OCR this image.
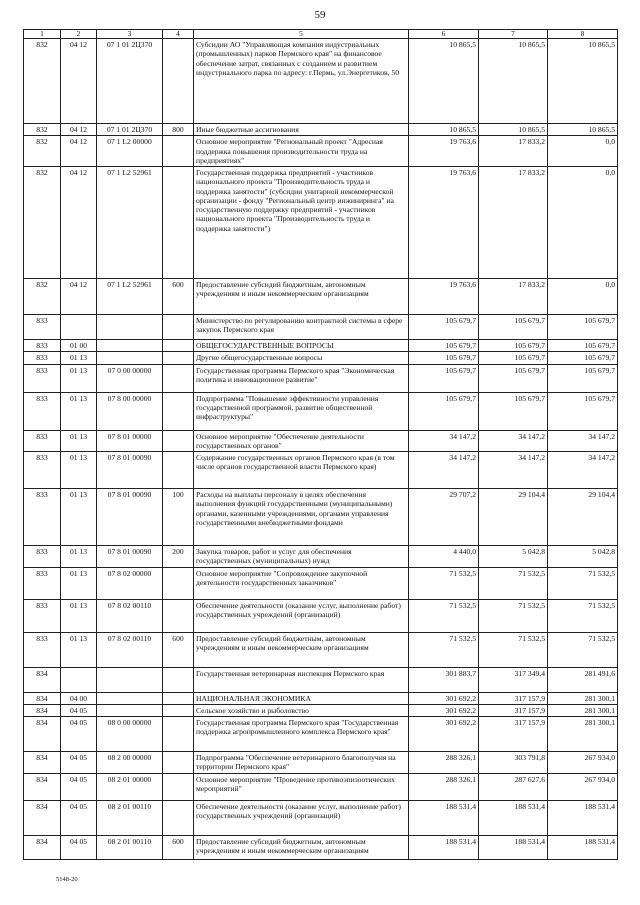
59
1	2	3	4	5	6	7	8
832	04 12	07 1 01 2Ц370		Субсидии АО "Управляющая компания индустриальных (промышленных) парков Пермского края" на финансовое обеспечение затрат, связанных с созданием и развитием индустриального парка по адресу: г.Пермь, ул.Энергетиков, 50	10 865,5	10 865,5	10 865,5
832	04 12	07 1 01 2Ц370	800	Иные бюджетные ассигнования	10 865,5	10 865,5	10 865,5
832	04 12	07 1 L2 00000		Основное мероприятие "Региональный проект "Адресная поддержка повышения производительности труда на предприятиях"	19 763,6	17 833,2	0,0
832	04 12	07 1 L2 52961		Государственная поддержка предприятий - участников национального проекта "Производительность труда и поддержка занятости" (субсидии унитарной некоммерческой организации - фонду "Региональный центр инжиниринга" на государственную поддержку предприятий - участников национального проекта "Производительность труда и поддержка занятости")	19 763,6	17 833,2	0,0
832	04 12	07 1 L2 52961	600	Предоставление субсидий бюджетным, автономным учреждениям и иным некоммерческим организациям	19 763,6	17 833,2	0,0
833				Министерство по регулированию контрактной системы в сфере закупок Пермского края	105 679,7	105 679,7	105 679,7
833	01 00			ОБЩЕГОСУДАРСТВЕННЫЕ ВОПРОСЫ	105 679,7	105 679,7	105 679,7
833	01 13			Другие общегосударственные вопросы	105 679,7	105 679,7	105 679,7
833	01 13	07 0 00 00000		Государственная программа Пермского края "Экономическая политика и инновационное развитие"	105 679,7	105 679,7	105 679,7
833	01 13	07 8 00 00000		Подпрограмма "Повышение эффективности управления государственной программой, развитие общественной инфраструктуры"	105 679,7	105 679,7	105 679,7
833	01 13	07 8 01 00000		Основное мероприятие "Обеспечение деятельности государственных органов"	34 147,2	34 147,2	34 147,2
833	01 13	07 8 01 00090		Содержание государственных органов Пермского края (в том числе органов государственной власти Пермского края)	34 147,2	34 147,2	34 147,2
833	01 13	07 8 01 00090	100	Расходы на выплаты персоналу в целях обеспечения выполнения функций государственными (муниципальными) органами, казенными учреждениями, органами управления государственными внебюджетными фондами	29 707,2	29 104,4	29 104,4
833	01 13	07 8 01 00090	200	Закупка товаров, работ и услуг для обеспечения государственных (муниципальных) нужд	4 440,0	5 042,8	5 042,8
833	01 13	07 8 02 00000		Основное мероприятие "Сопровождение закупочной деятельности государственных заказчиков"	71 532,5	71 532,5	71 532,5
833	01 13	07 8 02 00110		Обеспечение деятельности (оказание услуг, выполнение работ) государственных учреждений (организаций)	71 532,5	71 532,5	71 532,5
833	01 13	07 8 02 00110	600	Предоставление субсидий бюджетным, автономным учреждениям и иным некоммерческим организациям	71 532,5	71 532,5	71 532,5
834				Государственная ветеринарная инспекция Пермского края	301 883,7	317 349,4	281 491,6
834	04 00			НАЦИОНАЛЬНАЯ ЭКОНОМИКА	301 692,2	317 157,9	281 300,1
834	04 05			Сельское хозяйство и рыболовство	301 692,2	317 157,9	281 300,1
834	04 05	08 0 00 00000		Государственная программа Пермского края "Государственная поддержка агропромышленного комплекса Пермского края"	301 692,2	317 157,9	281 300,1
834	04 05	08 2 00 00000		Подпрограмма "Обеспечение ветеринарного благополучия на территории Пермского края"	288 326,1	303 791,8	267 934,0
834	04 05	08 2 01 00000		Основное мероприятие "Проведение противоэпизоотических мероприятий"	288 326,1	287 627,6	267 934,0
834	04 05	08 2 01 00110		Обеспечение деятельности (оказание услуг, выполнение работ) государственных учреждений (организаций)	188 531,4	188 531,4	188 531,4
834	04 05	08 2 01 00110	600	Предоставление субсидий бюджетным, автономным учреждениям и иным некоммерческим организациям	188 531,4	188 531,4	188 531,4
5148-20
